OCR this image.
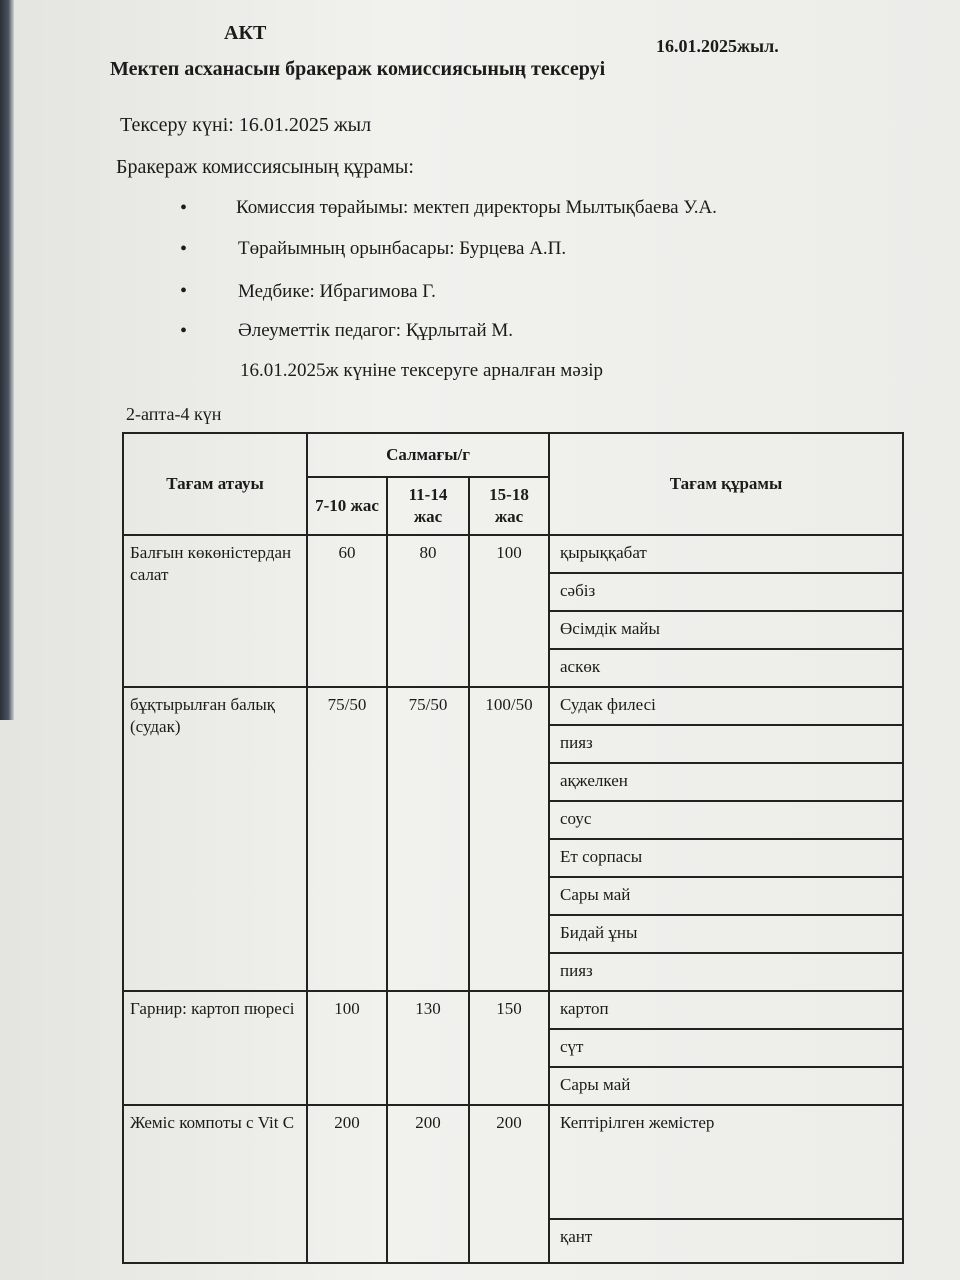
АКТ
16.01.2025жыл.
Мектеп асханасын бракераж комиссиясының тексеруі
Тексеру күні: 16.01.2025 жыл
Бракераж комиссиясының құрамы:
•	Комиссия төрайымы: мектеп директоры Мылтықбаева У.А.
•	Төрайымның орынбасары: Бурцева А.П.
•	Медбике: Ибрагимова Г.
•	Әлеуметтік педагог: Құрлытай М.
16.01.2025ж күніне тексеруге арналған мәзір
2-апта-4 күн
Тағам атауы	Салмағы/г			Тағам құрамы
	7-10 жас	11-14 жас	15-18 жас	
Балғын көкөністердан салат	60	80	100	қырыққабат
				сәбіз
				Өсімдік майы
				аскөк
бұқтырылған балық (судак)	75/50	75/50	100/50	Судак филесі
				пияз
				ақжелкен
				соус
				Ет сорпасы
				Сары май
				Бидай ұны
				пияз
Гарнир: картоп пюресі	100	130	150	картоп
				сүт
				Сары май
Жеміс компоты с Vit С	200	200	200	Кептірілген жемістер
				қант
